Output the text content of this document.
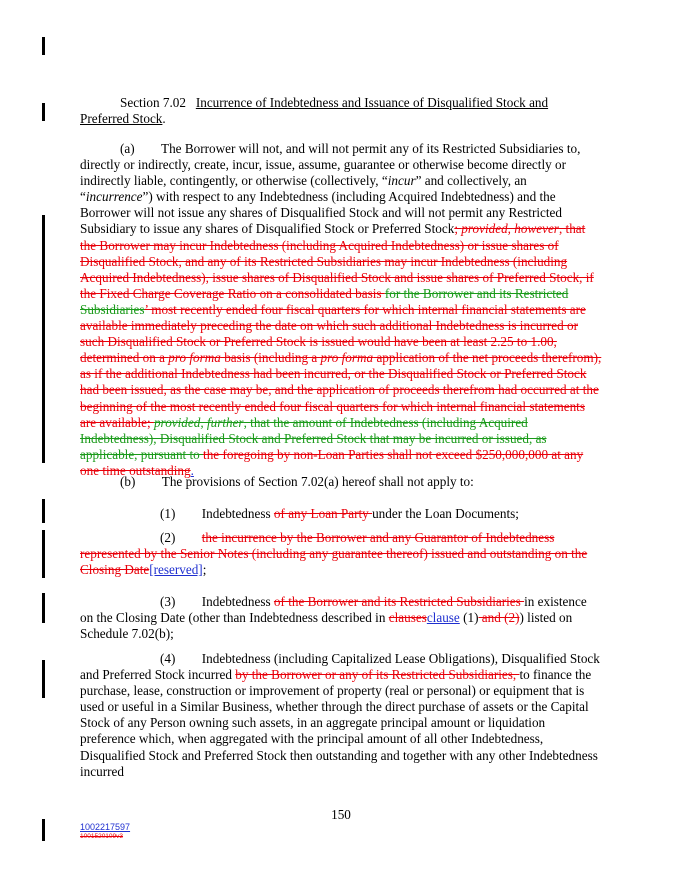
Section 7.02 Incurrence of Indebtedness and Issuance of Disqualified Stock and
Preferred Stock.

(a) The Borrower will not, and will not permit any of its Restricted Subsidiaries to, directly or indirectly, create, incur, issue, assume, guarantee or otherwise become directly or indirectly liable, contingently, or otherwise (collectively, “incur” and collectively, an “incurrence”) with respect to any Indebtedness (including Acquired Indebtedness) and the Borrower will not issue any shares of Disqualified Stock and will not permit any Restricted Subsidiary to issue any shares of Disqualified Stock or Preferred Stock; provided, however, that the Borrower may incur Indebtedness (including Acquired Indebtedness) or issue shares of Disqualified Stock, and any of its Restricted Subsidiaries may incur Indebtedness (including Acquired Indebtedness), issue shares of Disqualified Stock and issue shares of Preferred Stock, if the Fixed Charge Coverage Ratio on a consolidated basis for the Borrower and its Restricted Subsidiaries’ most recently ended four fiscal quarters for which internal financial statements are available immediately preceding the date on which such additional Indebtedness is incurred or such Disqualified Stock or Preferred Stock is issued would have been at least 2.25 to 1.00, determined on a pro forma basis (including a pro forma application of the net proceeds therefrom), as if the additional Indebtedness had been incurred, or the Disqualified Stock or Preferred Stock had been issued, as the case may be, and the application of proceeds therefrom had occurred at the beginning of the most recently ended four fiscal quarters for which internal financial statements are available; provided, further, that the amount of Indebtedness (including Acquired Indebtedness), Disqualified Stock and Preferred Stock that may be incurred or issued, as applicable, pursuant to the foregoing by non-Loan Parties shall not exceed $250,000,000 at any one time outstanding.

(b) The provisions of Section 7.02(a) hereof shall not apply to:

(1) Indebtedness of any Loan Party under the Loan Documents;

(2) the incurrence by the Borrower and any Guarantor of Indebtedness represented by the Senior Notes (including any guarantee thereof) issued and outstanding on the Closing Date[reserved];

(3) Indebtedness of the Borrower and its Restricted Subsidiaries in existence on the Closing Date (other than Indebtedness described in clausesclause (1) and (2)) listed on Schedule 7.02(b);

(4) Indebtedness (including Capitalized Lease Obligations), Disqualified Stock and Preferred Stock incurred by the Borrower or any of its Restricted Subsidiaries, to finance the purchase, lease, construction or improvement of property (real or personal) or equipment that is used or useful in a Similar Business, whether through the direct purchase of assets or the Capital Stock of any Person owning such assets, in an aggregate principal amount or liquidation preference which, when aggregated with the principal amount of all other Indebtedness, Disqualified Stock and Preferred Stock then outstanding and together with any other Indebtedness incurred

150
1002217597
1001520109v3
